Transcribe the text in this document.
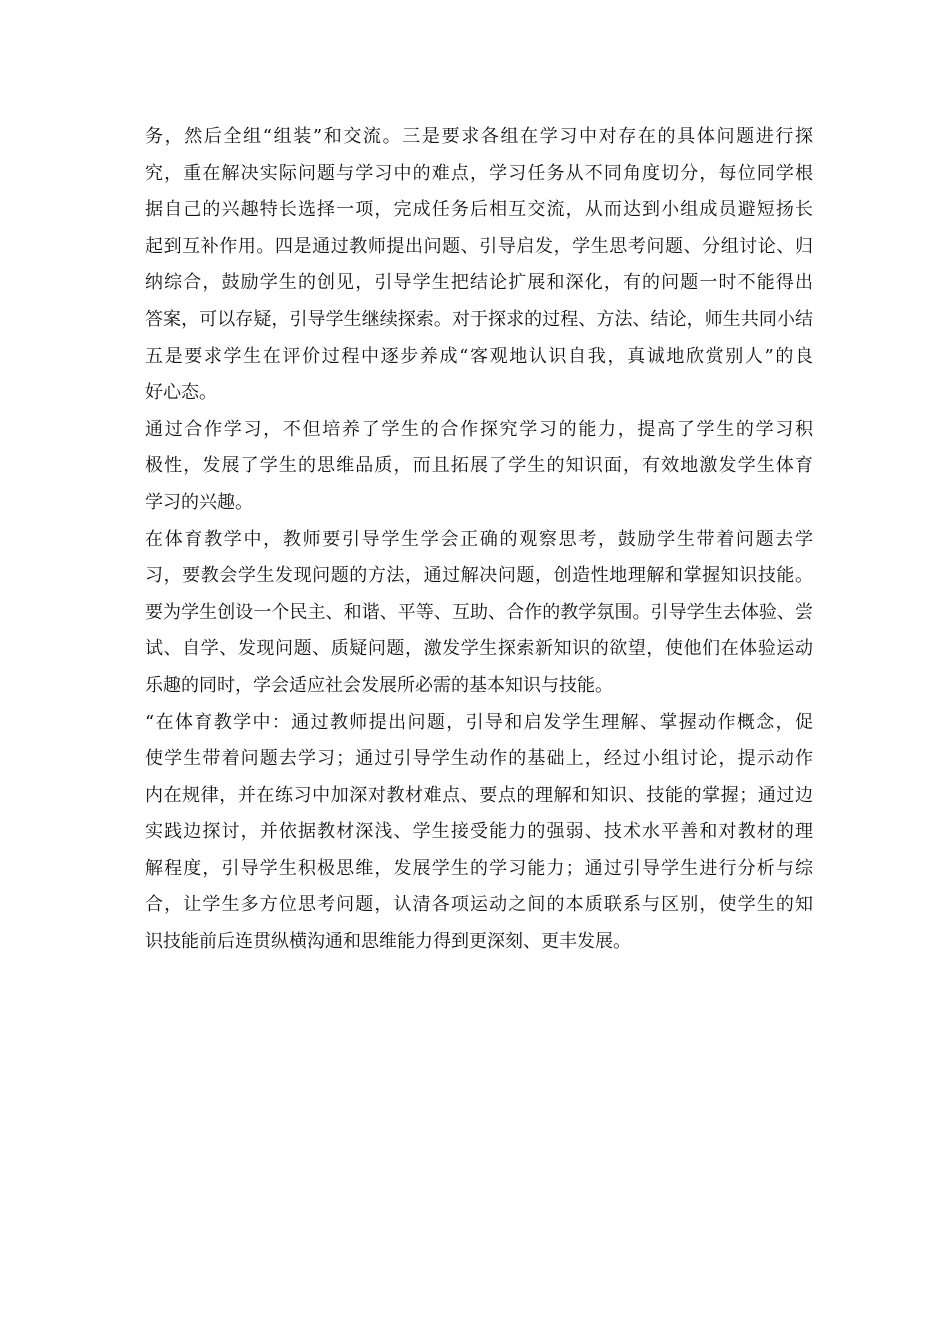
务，然后全组“组装”和交流。三是要求各组在学习中对存在的具体问题进行探
究，重在解决实际问题与学习中的难点，学习任务从不同角度切分，每位同学根
据自己的兴趣特长选择一项，完成任务后相互交流，从而达到小组成员避短扬长
起到互补作用。四是通过教师提出问题、引导启发，学生思考问题、分组讨论、归
纳综合，鼓励学生的创见，引导学生把结论扩展和深化，有的问题一时不能得出
答案，可以存疑，引导学生继续探索。对于探求的过程、方法、结论，师生共同小结
五是要求学生在评价过程中逐步养成“客观地认识自我，真诚地欣赏别人”的良
好心态。
通过合作学习，不但培养了学生的合作探究学习的能力，提高了学生的学习积
极性，发展了学生的思维品质，而且拓展了学生的知识面，有效地激发学生体育
学习的兴趣。
在体育教学中，教师要引导学生学会正确的观察思考，鼓励学生带着问题去学
习，要教会学生发现问题的方法，通过解决问题，创造性地理解和掌握知识技能。
要为学生创设一个民主、和谐、平等、互助、合作的教学氛围。引导学生去体验、尝
试、自学、发现问题、质疑问题，激发学生探索新知识的欲望，使他们在体验运动
乐趣的同时，学会适应社会发展所必需的基本知识与技能。
“在体育教学中：通过教师提出问题，引导和启发学生理解、掌握动作概念，促
使学生带着问题去学习；通过引导学生动作的基础上，经过小组讨论，提示动作
内在规律，并在练习中加深对教材难点、要点的理解和知识、技能的掌握；通过边
实践边探讨，并依据教材深浅、学生接受能力的强弱、技术水平善和对教材的理
解程度，引导学生积极思维，发展学生的学习能力；通过引导学生进行分析与综
合，让学生多方位思考问题，认清各项运动之间的本质联系与区别，使学生的知
识技能前后连贯纵横沟通和思维能力得到更深刻、更丰发展。
